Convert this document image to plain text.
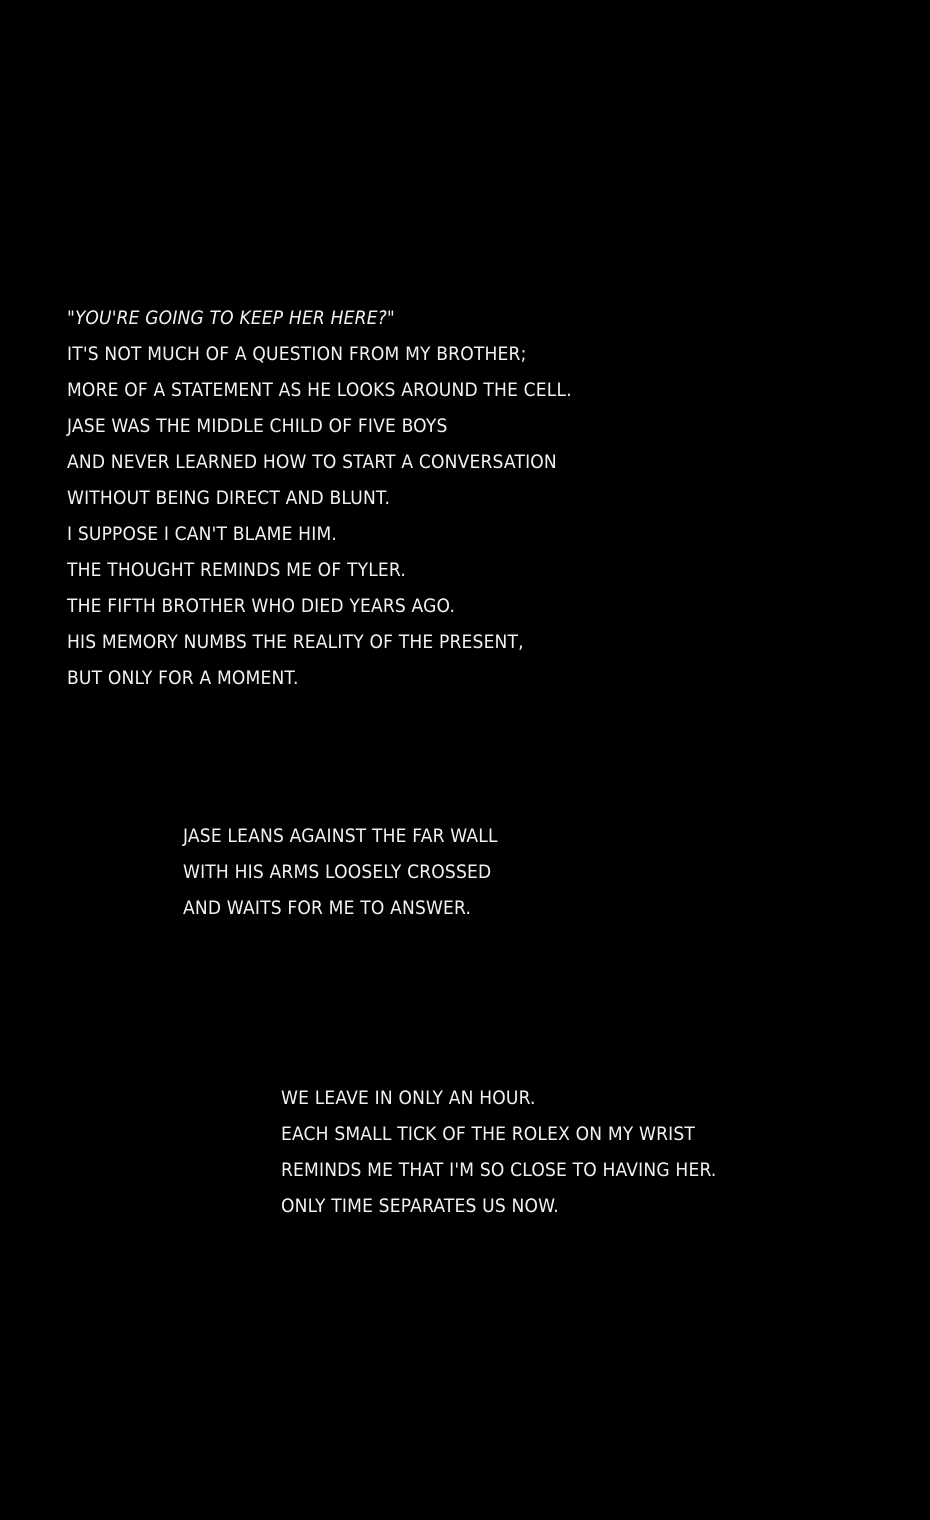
"YOU'RE GOING TO KEEP HER HERE?"
IT'S NOT MUCH OF A QUESTION FROM MY BROTHER;
MORE OF A STATEMENT AS HE LOOKS AROUND THE CELL.
JASE WAS THE MIDDLE CHILD OF FIVE BOYS
AND NEVER LEARNED HOW TO START A CONVERSATION
WITHOUT BEING DIRECT AND BLUNT.
I SUPPOSE I CAN'T BLAME HIM.
THE THOUGHT REMINDS ME OF TYLER.
THE FIFTH BROTHER WHO DIED YEARS AGO.
HIS MEMORY NUMBS THE REALITY OF THE PRESENT,
BUT ONLY FOR A MOMENT.
JASE LEANS AGAINST THE FAR WALL
WITH HIS ARMS LOOSELY CROSSED
AND WAITS FOR ME TO ANSWER.
WE LEAVE IN ONLY AN HOUR.
EACH SMALL TICK OF THE ROLEX ON MY WRIST
REMINDS ME THAT I'M SO CLOSE TO HAVING HER.
ONLY TIME SEPARATES US NOW.
